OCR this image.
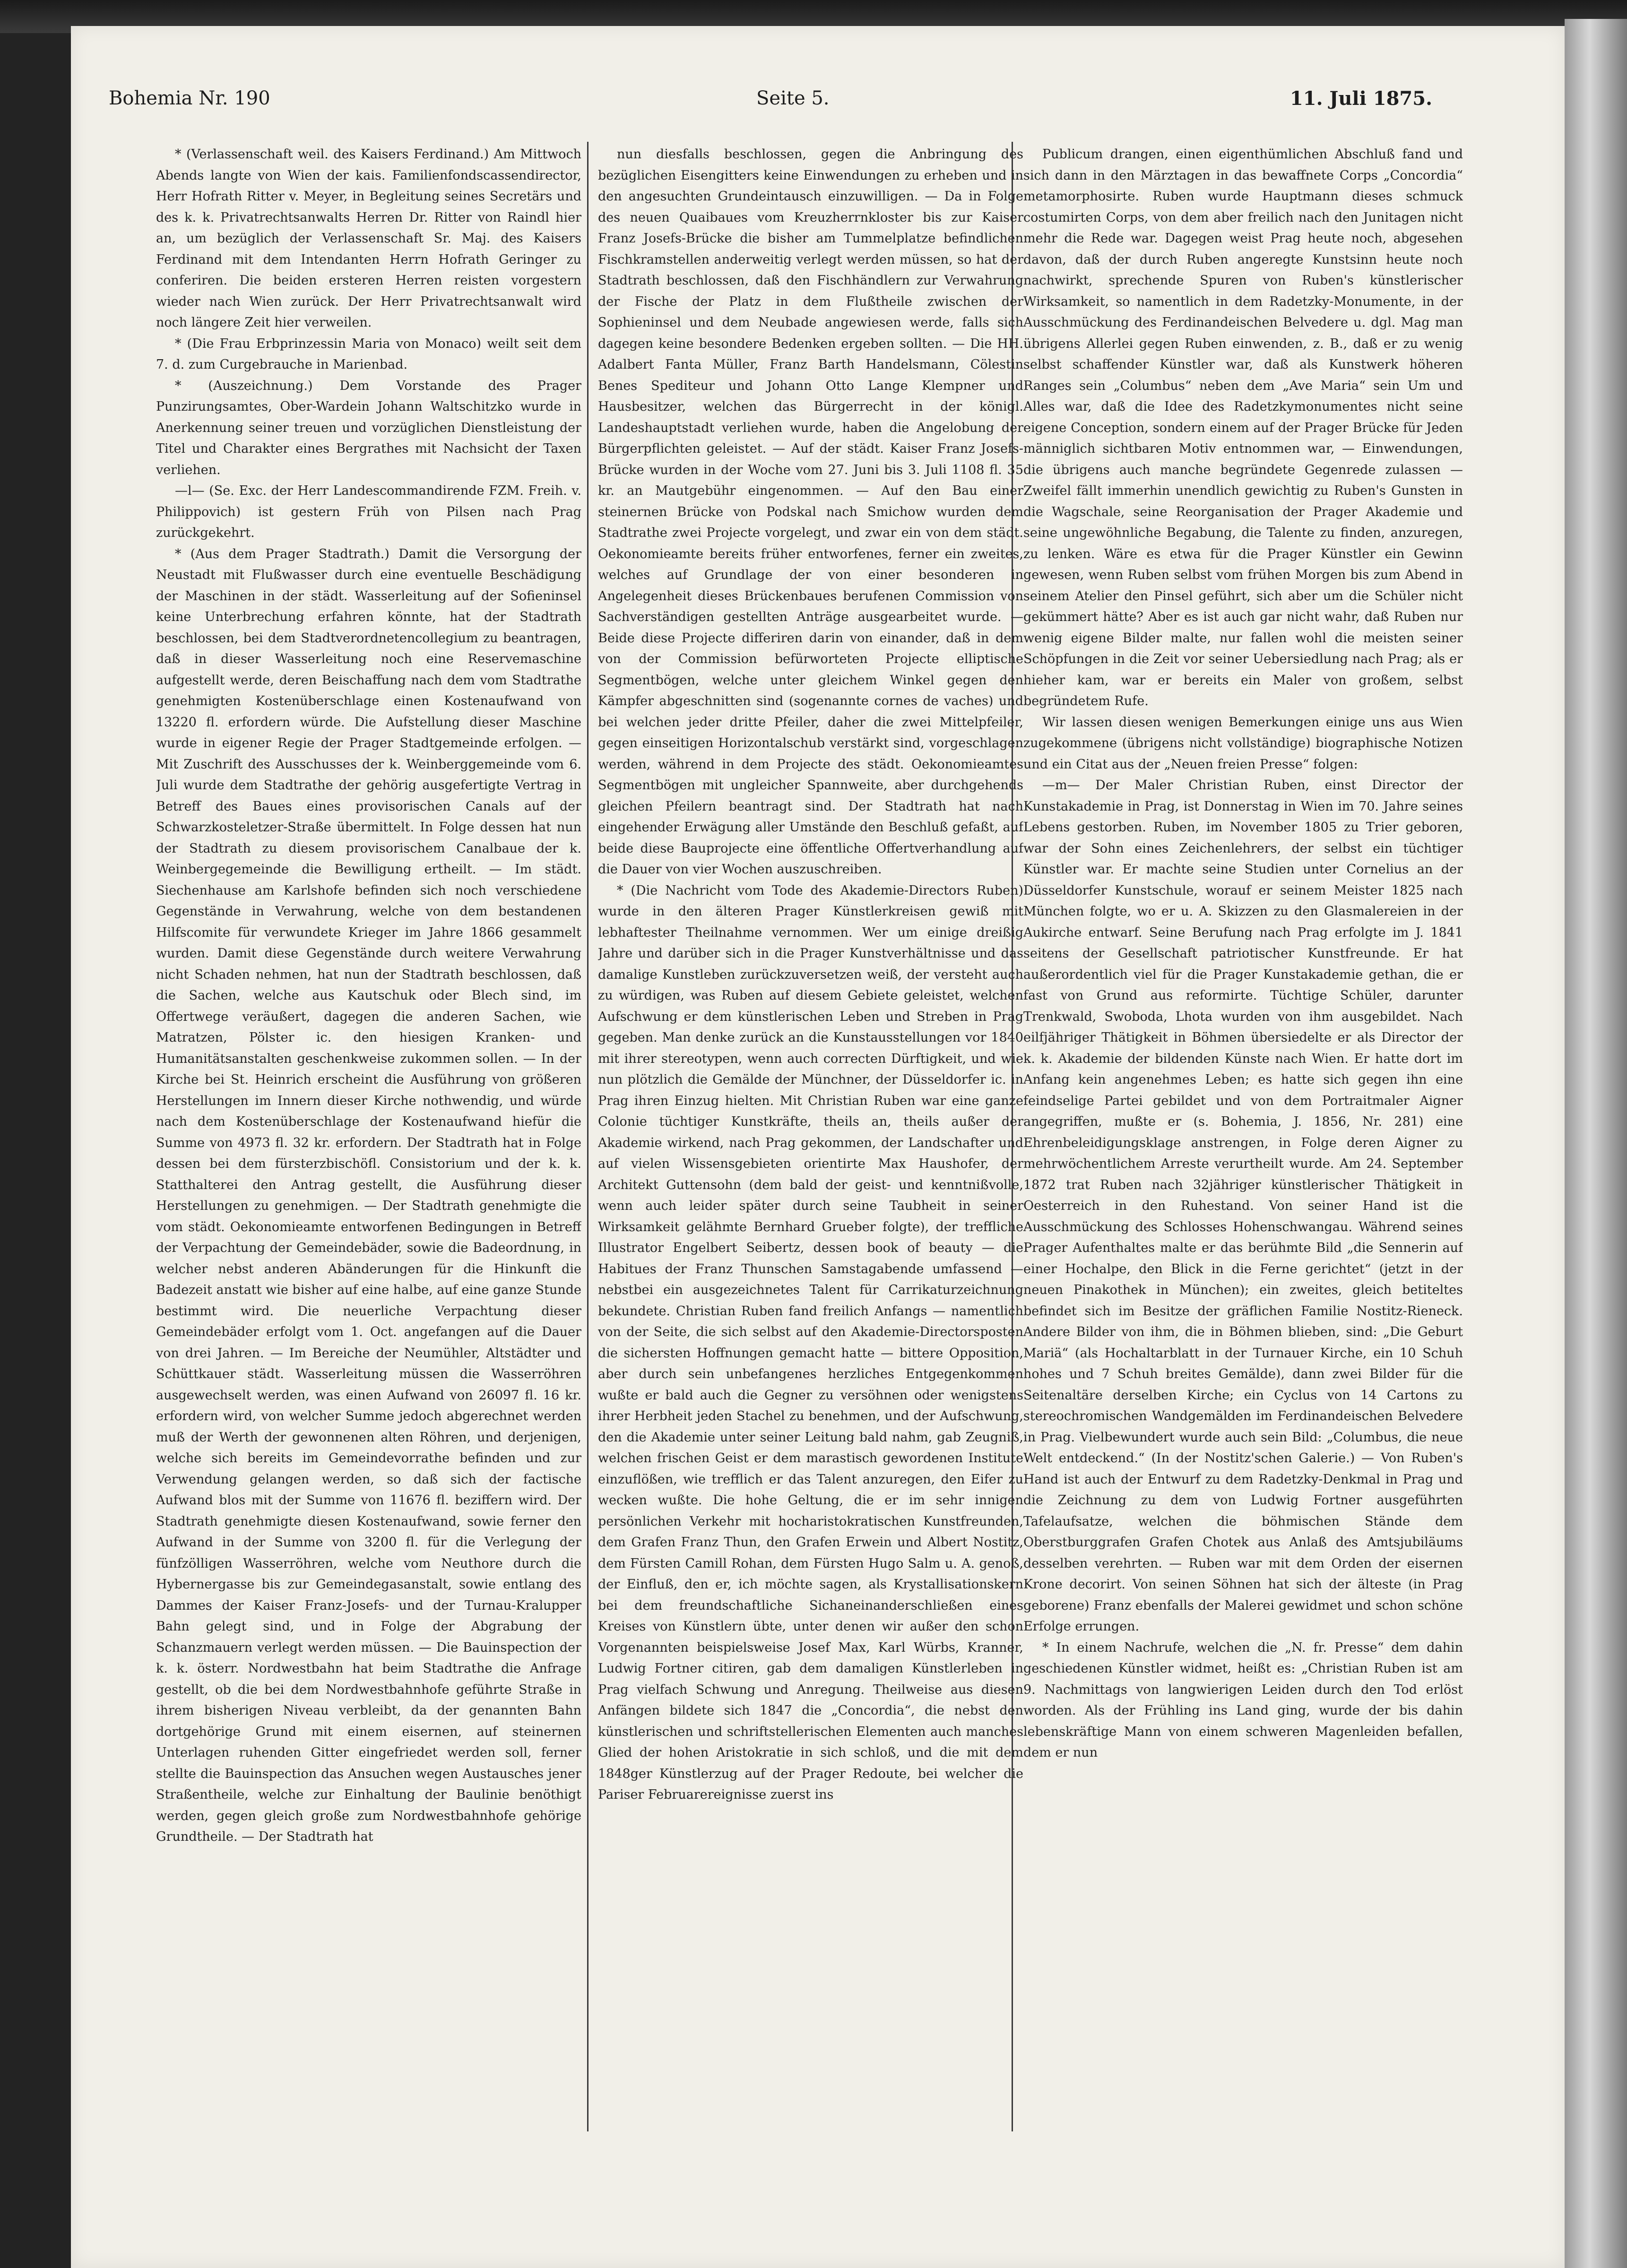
Bohemia Nr. 190	Seite 5.	11. Juli 1875.

* (Verlassenschaft weil. des Kaisers Ferdinand.) Am Mittwoch Abends langte von Wien der kais. Familienfondscassendirector, Herr Hofrath Ritter v. Meyer, in Begleitung seines Secretärs und des k. k. Privatrechtsanwalts Herren Dr. Ritter von Raindl hier an, um bezüglich der Verlassenschaft Sr. Maj. des Kaisers Ferdinand mit dem Intendanten Herrn Hofrath Geringer zu conferiren. Die beiden ersteren Herren reisten vorgestern wieder nach Wien zurück. Der Herr Privatrechtsanwalt wird noch längere Zeit hier verweilen.

* (Die Frau Erbprinzessin Maria von Monaco) weilt seit dem 7. d. zum Curgebrauche in Marienbad.

* (Auszeichnung.) Dem Vorstande des Prager Punzirungsamtes, Ober-Wardein Johann Waltschitzko wurde in Anerkennung seiner treuen und vorzüglichen Dienstleistung der Titel und Charakter eines Bergrathes mit Nachsicht der Taxen verliehen.

—l— (Se. Exc. der Herr Landescommandirende FZM. Freih. v. Philippovich) ist gestern Früh von Pilsen nach Prag zurückgekehrt.

* (Aus dem Prager Stadtrath.) Damit die Versorgung der Neustadt mit Flußwasser durch eine eventuelle Beschädigung der Maschinen in der städt. Wasserleitung auf der Sofieninsel keine Unterbrechung erfahren könnte, hat der Stadtrath beschlossen, bei dem Stadtverordnetencollegium zu beantragen, daß in dieser Wasserleitung noch eine Reservemaschine aufgestellt werde, deren Beischaffung nach dem vom Stadtrathe genehmigten Kostenüberschlage einen Kostenaufwand von 13220 fl. erfordern würde. Die Aufstellung dieser Maschine wurde in eigener Regie der Prager Stadtgemeinde erfolgen. — Mit Zuschrift des Ausschusses der k. Weinberggemeinde vom 6. Juli wurde dem Stadtrathe der gehörig ausgefertigte Vertrag in Betreff des Baues eines provisorischen Canals auf der Schwarzkosteletzer-Straße übermittelt. In Folge dessen hat nun der Stadtrath zu diesem provisorischem Canalbaue der k. Weinbergegemeinde die Bewilligung ertheilt. — Im städt. Siechenhause am Karlshofe befinden sich noch verschiedene Gegenstände in Verwahrung, welche von dem bestandenen Hilfscomite für verwundete Krieger im Jahre 1866 gesammelt wurden. Damit diese Gegenstände durch weitere Verwahrung nicht Schaden nehmen, hat nun der Stadtrath beschlossen, daß die Sachen, welche aus Kautschuk oder Blech sind, im Offertwege veräußert, dagegen die anderen Sachen, wie Matratzen, Pölster ic. den hiesigen Kranken- und Humanitätsanstalten geschenkweise zukommen sollen. — In der Kirche bei St. Heinrich erscheint die Ausführung von größeren Herstellungen im Innern dieser Kirche nothwendig, und würde nach dem Kostenüberschlage der Kostenaufwand hiefür die Summe von 4973 fl. 32 kr. erfordern. Der Stadtrath hat in Folge dessen bei dem fürsterzbischöfl. Consistorium und der k. k. Statthalterei den Antrag gestellt, die Ausführung dieser Herstellungen zu genehmigen. — Der Stadtrath genehmigte die vom städt. Oekonomieamte entworfenen Bedingungen in Betreff der Verpachtung der Gemeindebäder, sowie die Badeordnung, in welcher nebst anderen Abänderungen für die Hinkunft die Badezeit anstatt wie bisher auf eine halbe, auf eine ganze Stunde bestimmt wird. Die neuerliche Verpachtung dieser Gemeindebäder erfolgt vom 1. Oct. angefangen auf die Dauer von drei Jahren. — Im Bereiche der Neumühler, Altstädter und Schüttkauer städt. Wasserleitung müssen die Wasserröhren ausgewechselt werden, was einen Aufwand von 26097 fl. 16 kr. erfordern wird, von welcher Summe jedoch abgerechnet werden muß der Werth der gewonnenen alten Röhren, und derjenigen, welche sich bereits im Gemeindevorrathe befinden und zur Verwendung gelangen werden, so daß sich der factische Aufwand blos mit der Summe von 11676 fl. beziffern wird. Der Stadtrath genehmigte diesen Kostenaufwand, sowie ferner den Aufwand in der Summe von 3200 fl. für die Verlegung der fünfzölligen Wasserröhren, welche vom Neuthore durch die Hybernergasse bis zur Gemeindegasanstalt, sowie entlang des Dammes der Kaiser Franz-Josefs- und der Turnau-Kralupper Bahn gelegt sind, und in Folge der Abgrabung der Schanzmauern verlegt werden müssen. — Die Bauinspection der k. k. österr. Nordwestbahn hat beim Stadtrathe die Anfrage gestellt, ob die bei dem Nordwestbahnhofe geführte Straße in ihrem bisherigen Niveau verbleibt, da der genannten Bahn dortgehörige Grund mit einem eisernen, auf steinernen Unterlagen ruhenden Gitter eingefriedet werden soll, ferner stellte die Bauinspection das Ansuchen wegen Austausches jener Straßentheile, welche zur Einhaltung der Baulinie benöthigt werden, gegen gleich große zum Nordwestbahnhofe gehörige Grundtheile. — Der Stadtrath hat

nun diesfalls beschlossen, gegen die Anbringung des bezüglichen Eisengitters keine Einwendungen zu erheben und in den angesuchten Grundeintausch einzuwilligen. — Da in Folge des neuen Quaibaues vom Kreuzherrnkloster bis zur Kaiser Franz Josefs-Brücke die bisher am Tummelplatze befindlichen Fischkramstellen anderweitig verlegt werden müssen, so hat der Stadtrath beschlossen, daß den Fischhändlern zur Verwahrung der Fische der Platz in dem Flußtheile zwischen der Sophieninsel und dem Neubade angewiesen werde, falls sich dagegen keine besondere Bedenken ergeben sollten. — Die HH. Adalbert Fanta Müller, Franz Barth Handelsmann, Cölestin Benes Spediteur und Johann Otto Lange Klempner und Hausbesitzer, welchen das Bürgerrecht in der königl. Landeshauptstadt verliehen wurde, haben die Angelobung der Bürgerpflichten geleistet. — Auf der städt. Kaiser Franz Josefs-Brücke wurden in der Woche vom 27. Juni bis 3. Juli 1108 fl. 35 kr. an Mautgebühr eingenommen. — Auf den Bau einer steinernen Brücke von Podskal nach Smichow wurden dem Stadtrathe zwei Projecte vorgelegt, und zwar ein von dem städt. Oekonomieamte bereits früher entworfenes, ferner ein zweites, welches auf Grundlage der von einer besonderen in Angelegenheit dieses Brückenbaues berufenen Commission von Sachverständigen gestellten Anträge ausgearbeitet wurde. — Beide diese Projecte differiren darin von einander, daß in dem von der Commission befürworteten Projecte elliptische Segmentbögen, welche unter gleichem Winkel gegen den Kämpfer abgeschnitten sind (sogenannte cornes de vaches) und bei welchen jeder dritte Pfeiler, daher die zwei Mittelpfeiler, gegen einseitigen Horizontalschub verstärkt sind, vorgeschlagen werden, während in dem Projecte des städt. Oekonomieamtes Segmentbögen mit ungleicher Spannweite, aber durchgehends gleichen Pfeilern beantragt sind. Der Stadtrath hat nach eingehender Erwägung aller Umstände den Beschluß gefaßt, auf beide diese Bauprojecte eine öffentliche Offertverhandlung auf die Dauer von vier Wochen auszuschreiben.

* (Die Nachricht vom Tode des Akademie-Directors Ruben) wurde in den älteren Prager Künstlerkreisen gewiß mit lebhaftester Theilnahme vernommen. Wer um einige dreißig Jahre und darüber sich in die Prager Kunstverhältnisse und das damalige Kunstleben zurückzuversetzen weiß, der versteht auch zu würdigen, was Ruben auf diesem Gebiete geleistet, welchen Aufschwung er dem künstlerischen Leben und Streben in Prag gegeben. Man denke zurück an die Kunstausstellungen vor 1840 mit ihrer stereotypen, wenn auch correcten Dürftigkeit, und wie nun plötzlich die Gemälde der Münchner, der Düsseldorfer ic. in Prag ihren Einzug hielten. Mit Christian Ruben war eine ganze Colonie tüchtiger Kunstkräfte, theils an, theils außer der Akademie wirkend, nach Prag gekommen, der Landschafter und auf vielen Wissensgebieten orientirte Max Haushofer, der Architekt Guttensohn (dem bald der geist- und kenntnißvolle, wenn auch leider später durch seine Taubheit in seiner Wirksamkeit gelähmte Bernhard Grueber folgte), der treffliche Illustrator Engelbert Seibertz, dessen book of beauty — die Habitues der Franz Thunschen Samstagabende umfassend — nebstbei ein ausgezeichnetes Talent für Carrikaturzeichnung bekundete. Christian Ruben fand freilich Anfangs — namentlich von der Seite, die sich selbst auf den Akademie-Directorsposten die sichersten Hoffnungen gemacht hatte — bittere Opposition, aber durch sein unbefangenes herzliches Entgegenkommen wußte er bald auch die Gegner zu versöhnen oder wenigstens ihrer Herbheit jeden Stachel zu benehmen, und der Aufschwung, den die Akademie unter seiner Leitung bald nahm, gab Zeugniß, welchen frischen Geist er dem marastisch gewordenen Institute einzuflößen, wie trefflich er das Talent anzuregen, den Eifer zu wecken wußte. Die hohe Geltung, die er im sehr innigen persönlichen Verkehr mit hocharistokratischen Kunstfreunden, dem Grafen Franz Thun, den Grafen Erwein und Albert Nostitz, dem Fürsten Camill Rohan, dem Fürsten Hugo Salm u. A. genoß, der Einfluß, den er, ich möchte sagen, als Krystallisationskern bei dem freundschaftliche Sichaneinanderschließen eines Kreises von Künstlern übte, unter denen wir außer den schon Vorgenannten beispielsweise Josef Max, Karl Würbs, Kranner, Ludwig Fortner citiren, gab dem damaligen Künstlerleben in Prag vielfach Schwung und Anregung. Theilweise aus diesen Anfängen bildete sich 1847 die „Concordia“, die nebst den künstlerischen und schriftstellerischen Elementen auch manches Glied der hohen Aristokratie in sich schloß, und die mit dem 1848ger Künstlerzug auf der Prager Redoute, bei welcher die Pariser Februarereignisse zuerst ins

Publicum drangen, einen eigenthümlichen Abschluß fand und sich dann in den Märztagen in das bewaffnete Corps „Concordia“ metamorphosirte. Ruben wurde Hauptmann dieses schmuck costumirten Corps, von dem aber freilich nach den Junitagen nicht mehr die Rede war. Dagegen weist Prag heute noch, abgesehen davon, daß der durch Ruben angeregte Kunstsinn heute noch nachwirkt, sprechende Spuren von Ruben's künstlerischer Wirksamkeit, so namentlich in dem Radetzky-Monumente, in der Ausschmückung des Ferdinandeischen Belvedere u. dgl. Mag man übrigens Allerlei gegen Ruben einwenden, z. B., daß er zu wenig selbst schaffender Künstler war, daß als Kunstwerk höheren Ranges sein „Columbus“ neben dem „Ave Maria“ sein Um und Alles war, daß die Idee des Radetzkymonumentes nicht seine eigene Conception, sondern einem auf der Prager Brücke für Jeden männiglich sichtbaren Motiv entnommen war, — Einwendungen, die übrigens auch manche begründete Gegenrede zulassen — Zweifel fällt immerhin unendlich gewichtig zu Ruben's Gunsten in die Wagschale, seine Reorganisation der Prager Akademie und seine ungewöhnliche Begabung, die Talente zu finden, anzuregen, zu lenken. Wäre es etwa für die Prager Künstler ein Gewinn gewesen, wenn Ruben selbst vom frühen Morgen bis zum Abend in seinem Atelier den Pinsel geführt, sich aber um die Schüler nicht gekümmert hätte? Aber es ist auch gar nicht wahr, daß Ruben nur wenig eigene Bilder malte, nur fallen wohl die meisten seiner Schöpfungen in die Zeit vor seiner Uebersiedlung nach Prag; als er hieher kam, war er bereits ein Maler von großem, selbst begründetem Rufe.

Wir lassen diesen wenigen Bemerkungen einige uns aus Wien zugekommene (übrigens nicht vollständige) biographische Notizen und ein Citat aus der „Neuen freien Presse“ folgen:

—m— Der Maler Christian Ruben, einst Director der Kunstakademie in Prag, ist Donnerstag in Wien im 70. Jahre seines Lebens gestorben. Ruben, im November 1805 zu Trier geboren, war der Sohn eines Zeichenlehrers, der selbst ein tüchtiger Künstler war. Er machte seine Studien unter Cornelius an der Düsseldorfer Kunstschule, worauf er seinem Meister 1825 nach München folgte, wo er u. A. Skizzen zu den Glasmalereien in der Aukirche entwarf. Seine Berufung nach Prag erfolgte im J. 1841 seitens der Gesellschaft patriotischer Kunstfreunde. Er hat außerordentlich viel für die Prager Kunstakademie gethan, die er fast von Grund aus reformirte. Tüchtige Schüler, darunter Trenkwald, Swoboda, Lhota wurden von ihm ausgebildet. Nach eilfjähriger Thätigkeit in Böhmen übersiedelte er als Director der k. k. Akademie der bildenden Künste nach Wien. Er hatte dort im Anfang kein angenehmes Leben; es hatte sich gegen ihn eine feindselige Partei gebildet und von dem Portraitmaler Aigner angegriffen, mußte er (s. Bohemia, J. 1856, Nr. 281) eine Ehrenbeleidigungsklage anstrengen, in Folge deren Aigner zu mehrwöchentlichem Arreste verurtheilt wurde. Am 24. September 1872 trat Ruben nach 32jähriger künstlerischer Thätigkeit in Oesterreich in den Ruhestand. Von seiner Hand ist die Ausschmückung des Schlosses Hohenschwangau. Während seines Prager Aufenthaltes malte er das berühmte Bild „die Sennerin auf einer Hochalpe, den Blick in die Ferne gerichtet“ (jetzt in der neuen Pinakothek in München); ein zweites, gleich betiteltes befindet sich im Besitze der gräflichen Familie Nostitz-Rieneck. Andere Bilder von ihm, die in Böhmen blieben, sind: „Die Geburt Mariä“ (als Hochaltarblatt in der Turnauer Kirche, ein 10 Schuh hohes und 7 Schuh breites Gemälde), dann zwei Bilder für die Seitenaltäre derselben Kirche; ein Cyclus von 14 Cartons zu stereochromischen Wandgemälden im Ferdinandeischen Belvedere in Prag. Vielbewundert wurde auch sein Bild: „Columbus, die neue Welt entdeckend.“ (In der Nostitz'schen Galerie.) — Von Ruben's Hand ist auch der Entwurf zu dem Radetzky-Denkmal in Prag und die Zeichnung zu dem von Ludwig Fortner ausgeführten Tafelaufsatze, welchen die böhmischen Stände dem Oberstburggrafen Grafen Chotek aus Anlaß des Amtsjubiläums desselben verehrten. — Ruben war mit dem Orden der eisernen Krone decorirt. Von seinen Söhnen hat sich der älteste (in Prag geborene) Franz ebenfalls der Malerei gewidmet und schon schöne Erfolge errungen.

* In einem Nachrufe, welchen die „N. fr. Presse“ dem dahin geschiedenen Künstler widmet, heißt es: „Christian Ruben ist am 9. Nachmittags von langwierigen Leiden durch den Tod erlöst worden. Als der Frühling ins Land ging, wurde der bis dahin lebenskräftige Mann von einem schweren Magenleiden befallen, dem er nun
